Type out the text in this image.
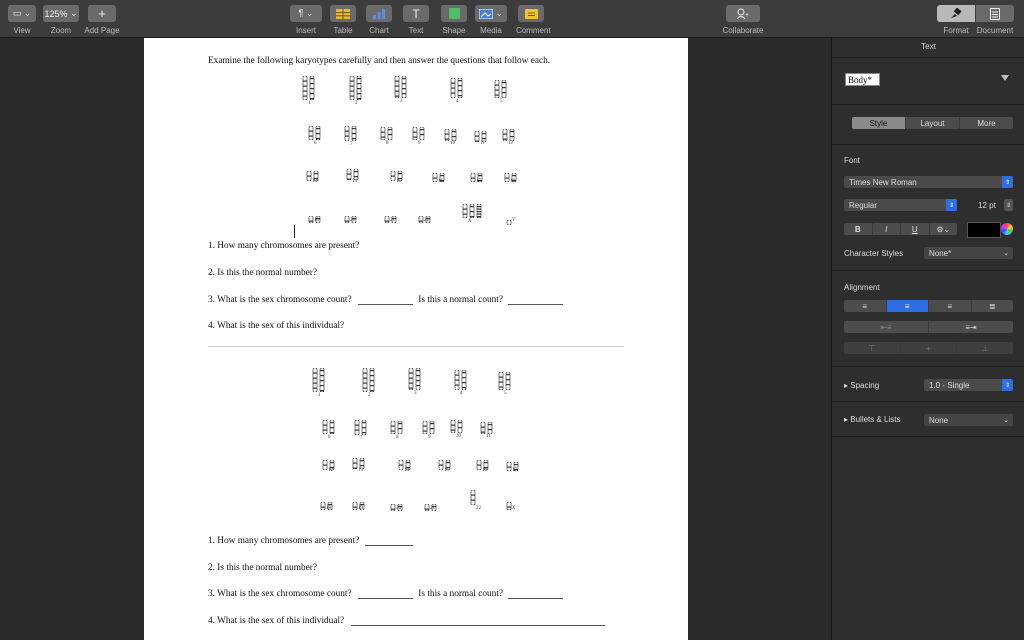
▭ ⌄
View
125% ⌄
Zoom
+
Add Page
¶ ⌄
Insert	Table	Chart
T
Text	Shape
⌄
Media	Comment
+
Collaborate	Format	Document
Examine the following karyotypes carefully and then answer the questions that follow each.
1	2	3	4	5
6	7	8	9	10	11	12
13	14	15	16	17	18
19	20	21	22	X	Y
1. How many chromosomes are present?
2. Is this the normal number?
3. What is the sex chromosome count?	Is this a normal count?
4. What is the sex of this individual?
1	2	3	4	5
6	7	8	9	10	11
12	13	14	15	16	17
18	19	20	21	22	X
1. How many chromosomes are present?
2. Is this the normal number?
3. What is the sex chromosome count?	Is this a normal count?
4. What is the sex of this individual?
Text
Body*
Style	Layout	More
Font
Times New Roman	⇕
Regular	⇕	12 pt	⇕
B	I	U	⚙⌄
Character Styles	None*	⌄
Alignment
≡	≡	≡	≣
⇤≡	≡⇥
⊤	+	⊥
▸ Spacing	1.0 - Single	⇕
▸ Bullets & Lists	None	⌄
